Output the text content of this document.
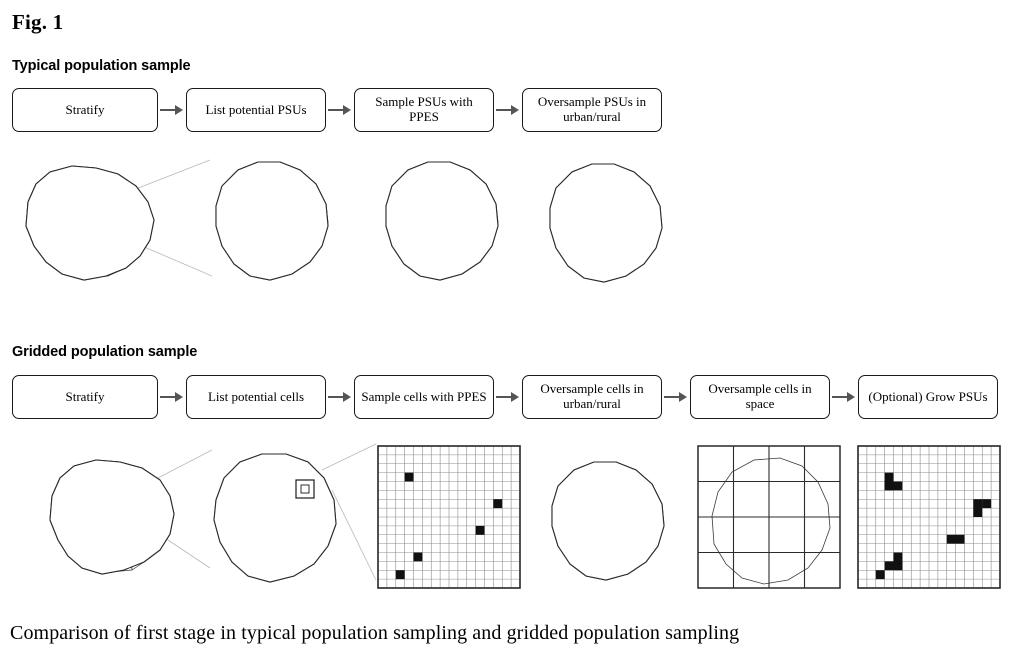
Fig. 1
Typical population sample
Stratify	List potential PSUs	Sample PSUs with PPES
Oversample PSUs in urban/rural
Gridded population sample
Stratify	List potential cells	Sample cells with PPES	Oversample cells in urban/rural
Oversample cells in space	(Optional) Grow PSUs
Comparison of first stage in typical population sampling and gridded population sampling
